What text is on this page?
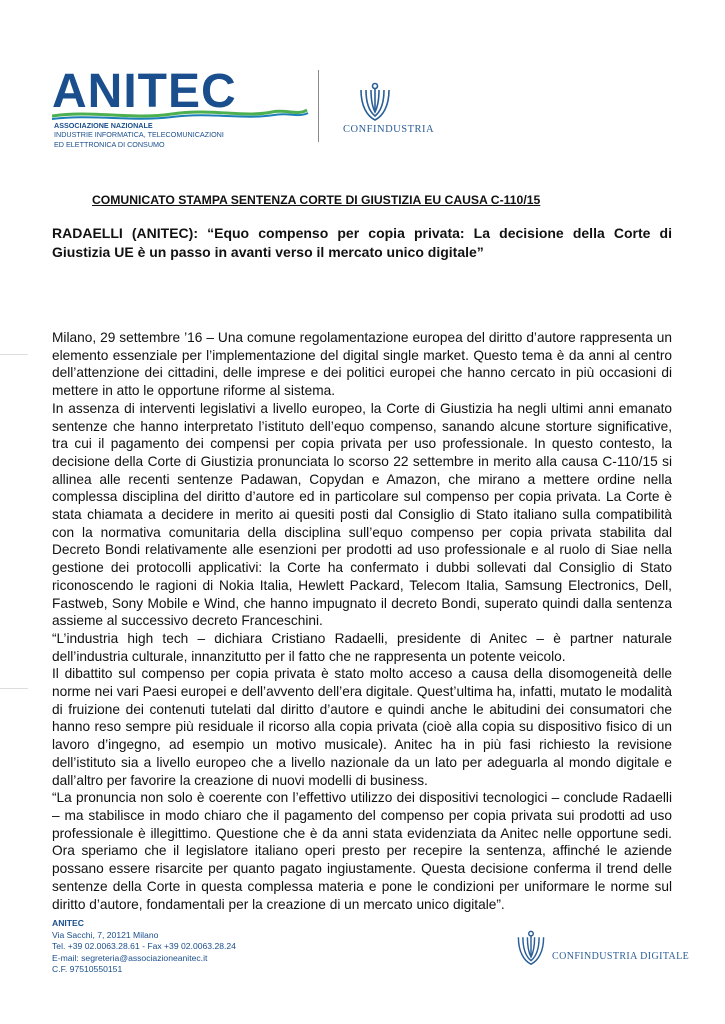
ANITEC
ASSOCIAZIONE NAZIONALE
INDUSTRIE INFORMATICA, TELECOMUNICAZIONI
ED ELETTRONICA DI CONSUMO
CONFINDUSTRIA
COMUNICATO STAMPA SENTENZA CORTE DI GIUSTIZIA EU CAUSA C-110/15
RADAELLI (ANITEC): “Equo compenso per copia privata: La decisione della Corte di Giustizia UE è un passo in avanti verso il mercato unico digitale”

Milano, 29 settembre ’16 – Una comune regolamentazione europea del diritto d’autore rappresenta un elemento essenziale per l’implementazione del digital single market. Questo tema è da anni al centro dell’attenzione dei cittadini, delle imprese e dei politici europei che hanno cercato in più occasioni di mettere in atto le opportune riforme al sistema.

In assenza di interventi legislativi a livello europeo, la Corte di Giustizia ha negli ultimi anni emanato sentenze che hanno interpretato l’istituto dell’equo compenso, sanando alcune storture significative, tra cui il pagamento dei compensi per copia privata per uso professionale. In questo contesto, la decisione della Corte di Giustizia pronunciata lo scorso 22 settembre in merito alla causa C-110/15 si allinea alle recenti sentenze Padawan, Copydan e Amazon, che mirano a mettere ordine nella complessa disciplina del diritto d’autore ed in particolare sul compenso per copia privata. La Corte è stata chiamata a decidere in merito ai quesiti posti dal Consiglio di Stato italiano sulla compatibilità con la normativa comunitaria della disciplina sull’equo compenso per copia privata stabilita dal Decreto Bondi relativamente alle esenzioni per prodotti ad uso professionale e al ruolo di Siae nella gestione dei protocolli applicativi: la Corte ha confermato i dubbi sollevati dal Consiglio di Stato riconoscendo le ragioni di Nokia Italia, Hewlett Packard, Telecom Italia, Samsung Electronics, Dell, Fastweb, Sony Mobile e Wind, che hanno impugnato il decreto Bondi, superato quindi dalla sentenza assieme al successivo decreto Franceschini.

“L’industria high tech – dichiara Cristiano Radaelli, presidente di Anitec – è partner naturale dell’industria culturale, innanzitutto per il fatto che ne rappresenta un potente veicolo.

Il dibattito sul compenso per copia privata è stato molto acceso a causa della disomogeneità delle norme nei vari Paesi europei e dell’avvento dell’era digitale. Quest’ultima ha, infatti, mutato le modalità di fruizione dei contenuti tutelati dal diritto d’autore e quindi anche le abitudini dei consumatori che hanno reso sempre più residuale il ricorso alla copia privata (cioè alla copia su dispositivo fisico di un lavoro d’ingegno, ad esempio un motivo musicale). Anitec ha in più fasi richiesto la revisione dell’istituto sia a livello europeo che a livello nazionale da un lato per adeguarla al mondo digitale e dall’altro per favorire la creazione di nuovi modelli di business.

“La pronuncia non solo è coerente con l’effettivo utilizzo dei dispositivi tecnologici – conclude Radaelli – ma stabilisce in modo chiaro che il pagamento del compenso per copia privata sui prodotti ad uso professionale è illegittimo. Questione che è da anni stata evidenziata da Anitec nelle opportune sedi. Ora speriamo che il legislatore italiano operi presto per recepire la sentenza, affinché le aziende possano essere risarcite per quanto pagato ingiustamente. Questa decisione conferma il trend delle sentenze della Corte in questa complessa materia e pone le condizioni per uniformare le norme sul diritto d’autore, fondamentali per la creazione di un mercato unico digitale”.

ANITEC
Via Sacchi, 7, 20121 Milano
Tel. +39 02.0063.28.61 - Fax +39 02.0063.28.24
E-mail: segreteria@associazioneanitec.it
C.F. 97510550151
CONFINDUSTRIA DIGITALE
